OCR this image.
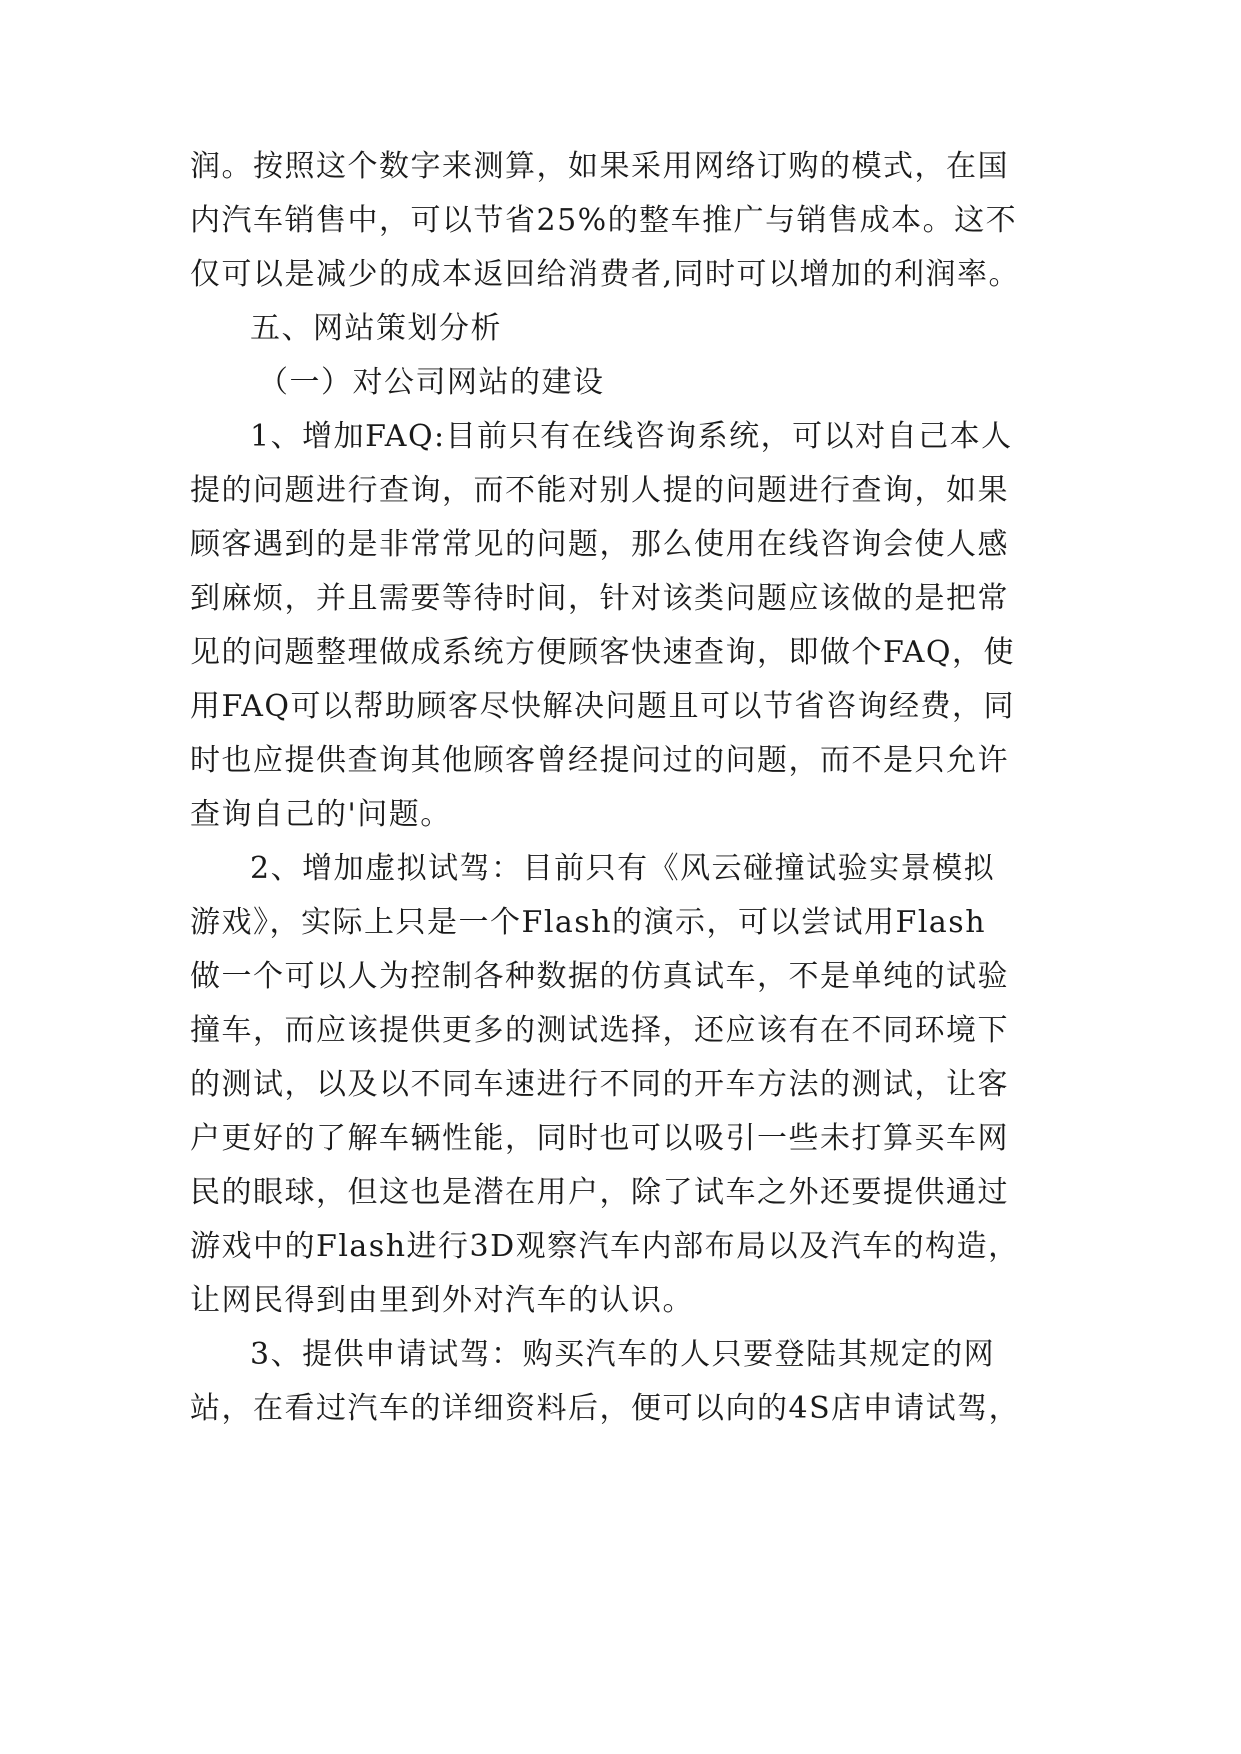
润。按照这个数字来测算，如果采用网络订购的模式，在国
内汽车销售中，可以节省25%的整车推广与销售成本。这不
仅可以是减少的成本返回给消费者,同时可以增加的利润率。
五、网站策划分析
（一）对公司网站的建设
1、增加FAQ:目前只有在线咨询系统，可以对自己本人
提的问题进行查询，而不能对别人提的问题进行查询，如果
顾客遇到的是非常常见的问题，那么使用在线咨询会使人感
到麻烦，并且需要等待时间，针对该类问题应该做的是把常
见的问题整理做成系统方便顾客快速查询，即做个FAQ，使
用FAQ可以帮助顾客尽快解决问题且可以节省咨询经费，同
时也应提供查询其他顾客曾经提问过的问题，而不是只允许
查询自己的'问题。
2、增加虚拟试驾：目前只有《风云碰撞试验实景模拟
游戏》，实际上只是一个Flash的演示，可以尝试用Flash
做一个可以人为控制各种数据的仿真试车，不是单纯的试验
撞车，而应该提供更多的测试选择，还应该有在不同环境下
的测试，以及以不同车速进行不同的开车方法的测试，让客
户更好的了解车辆性能，同时也可以吸引一些未打算买车网
民的眼球，但这也是潜在用户，除了试车之外还要提供通过
游戏中的Flash进行3D观察汽车内部布局以及汽车的构造，
让网民得到由里到外对汽车的认识。
3、提供申请试驾：购买汽车的人只要登陆其规定的网
站，在看过汽车的详细资料后，便可以向的4S店申请试驾，
